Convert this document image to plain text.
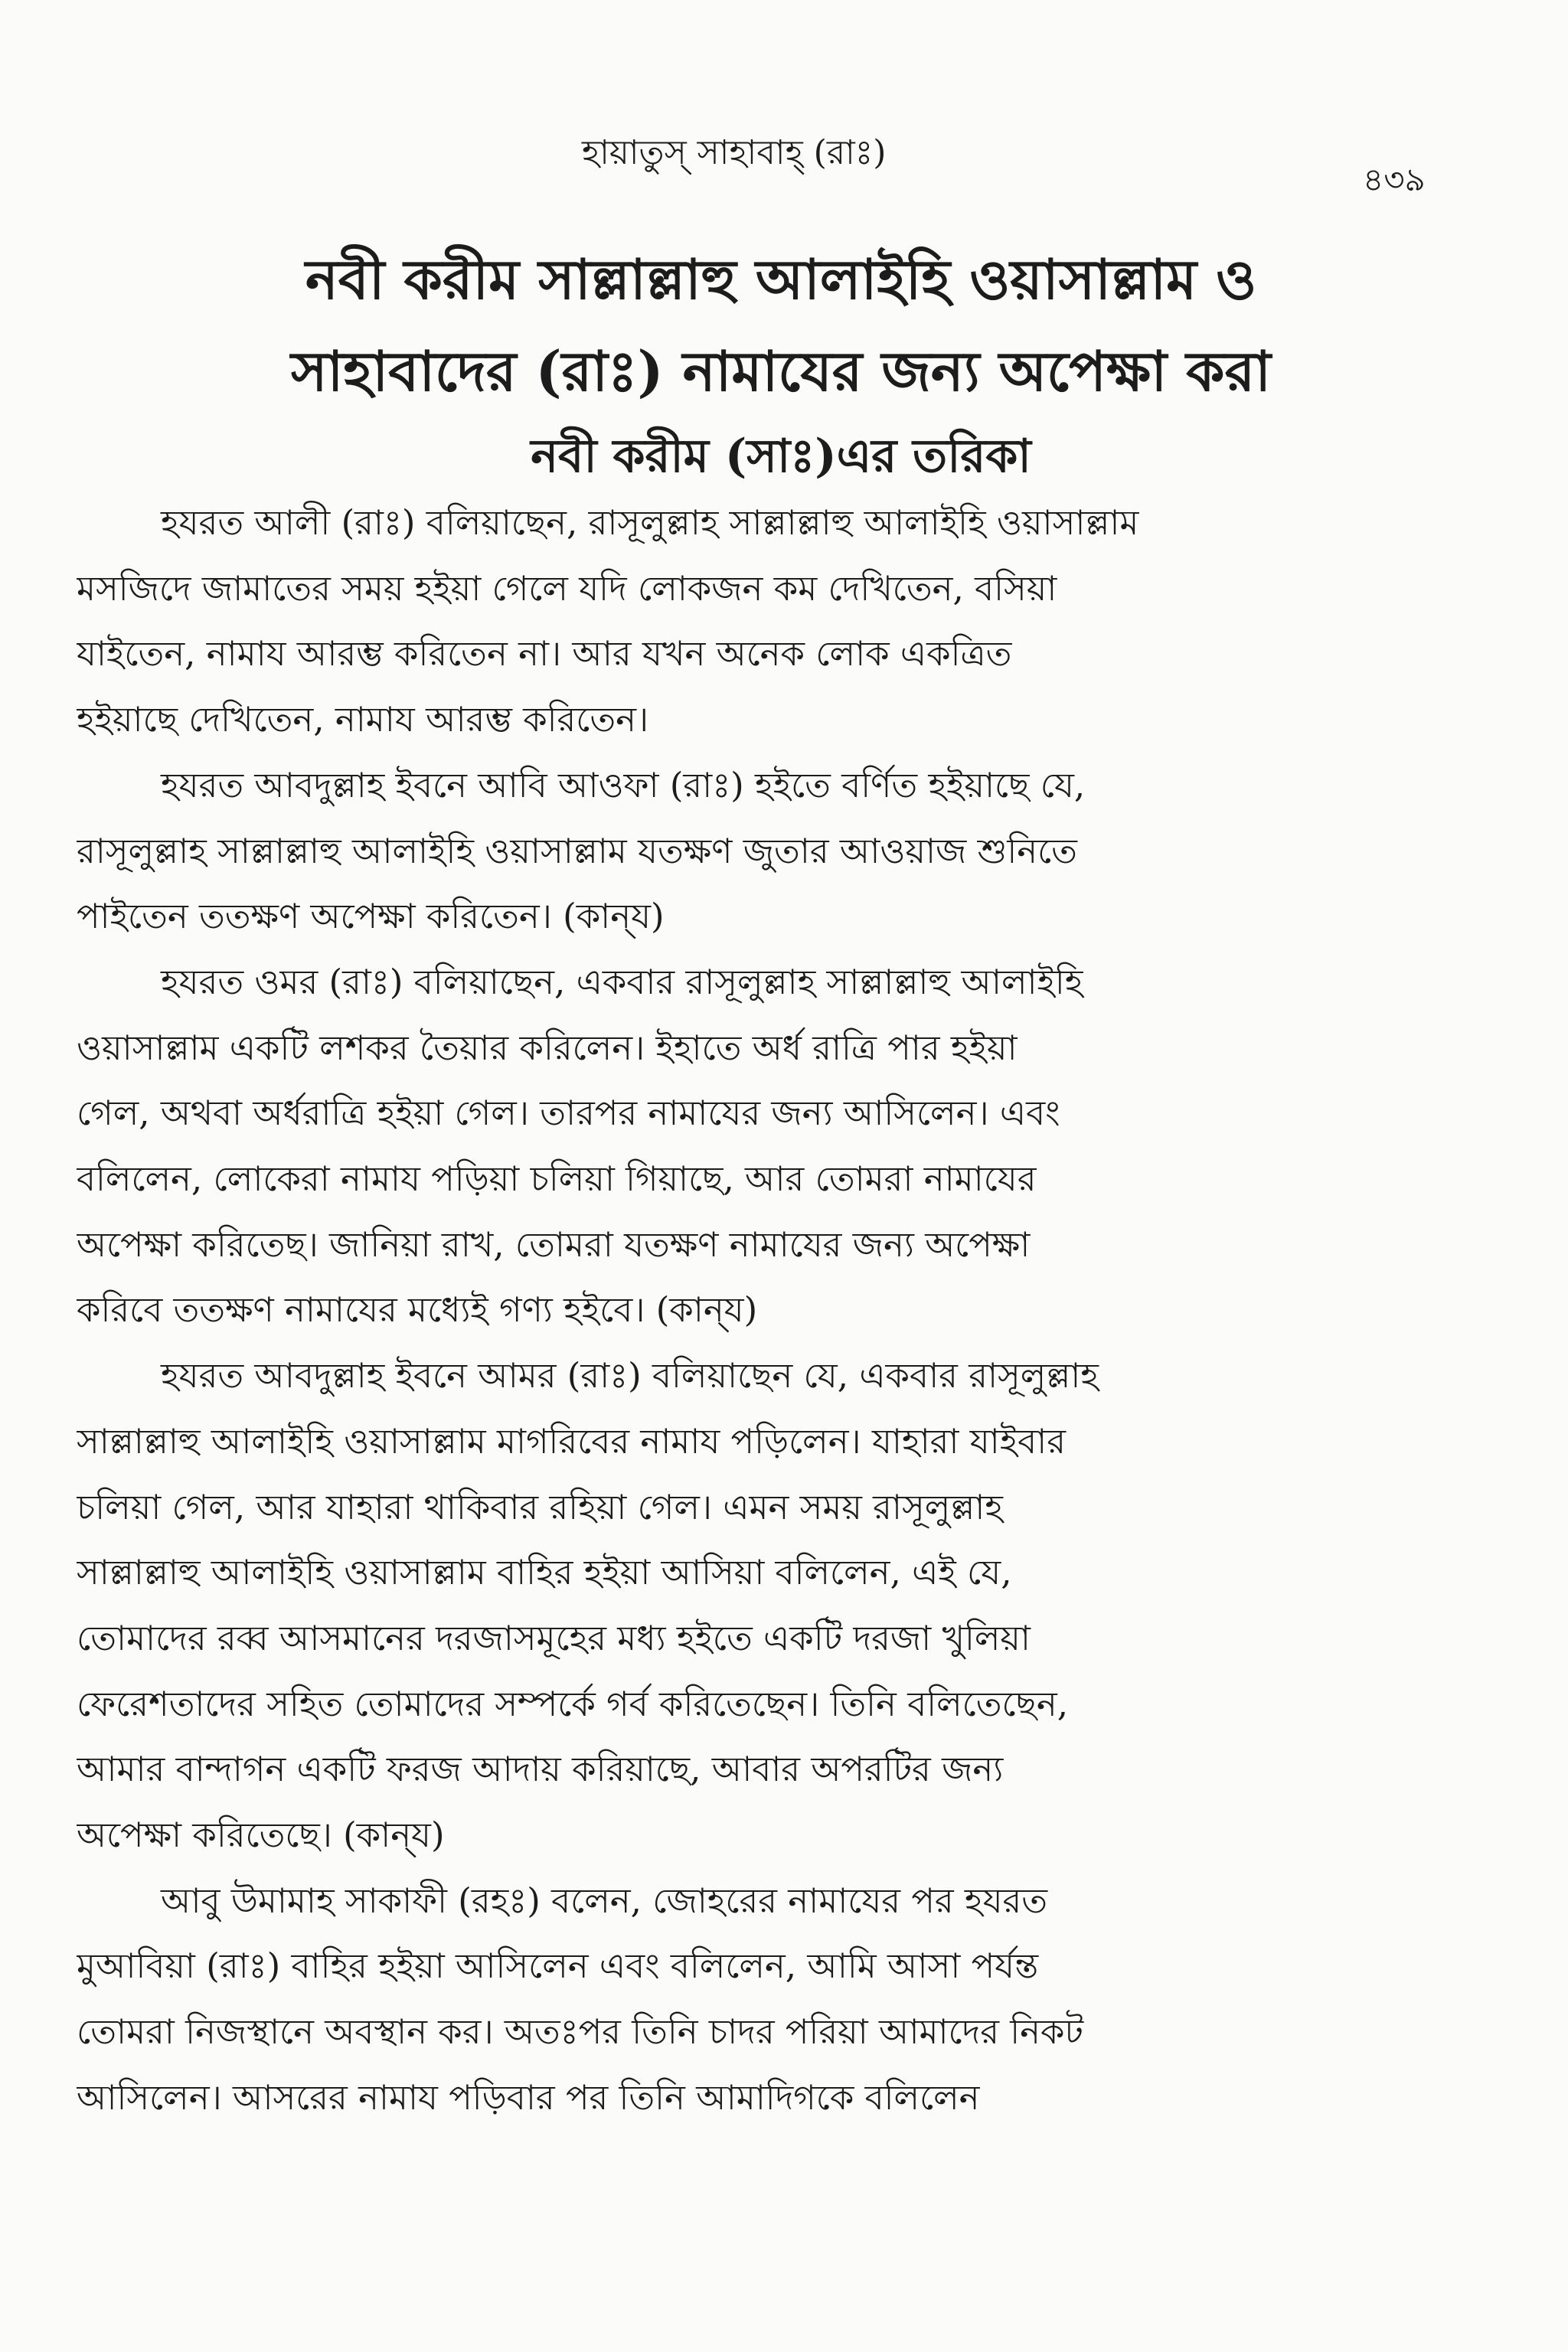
হায়াতুস্ সাহাবাহ্ (রাঃ)
৪৩৯
নবী করীম সাল্লাল্লাহু আলাইহি ওয়াসাল্লাম ও
সাহাবাদের (রাঃ) নামাযের জন্য অপেক্ষা করা
নবী করীম (সাঃ)এর তরিকা
হযরত আলী (রাঃ) বলিয়াছেন, রাসূলুল্লাহ সাল্লাল্লাহু আলাইহি ওয়াসাল্লাম
মসজিদে জামাতের সময় হইয়া গেলে যদি লোকজন কম দেখিতেন, বসিয়া
যাইতেন, নামায আরম্ভ করিতেন না। আর যখন অনেক লোক একত্রিত
হইয়াছে দেখিতেন, নামায আরম্ভ করিতেন।
হযরত আবদুল্লাহ ইবনে আবি আওফা (রাঃ) হইতে বর্ণিত হইয়াছে যে,
রাসূলুল্লাহ সাল্লাল্লাহু আলাইহি ওয়াসাল্লাম যতক্ষণ জুতার আওয়াজ শুনিতে
পাইতেন ততক্ষণ অপেক্ষা করিতেন। (কান্‌য)
হযরত ওমর (রাঃ) বলিয়াছেন, একবার রাসূলুল্লাহ সাল্লাল্লাহু আলাইহি
ওয়াসাল্লাম একটি লশকর তৈয়ার করিলেন। ইহাতে অর্ধ রাত্রি পার হইয়া
গেল, অথবা অর্ধরাত্রি হইয়া গেল। তারপর নামাযের জন্য আসিলেন। এবং
বলিলেন, লোকেরা নামায পড়িয়া চলিয়া গিয়াছে, আর তোমরা নামাযের
অপেক্ষা করিতেছ। জানিয়া রাখ, তোমরা যতক্ষণ নামাযের জন্য অপেক্ষা
করিবে ততক্ষণ নামাযের মধ্যেই গণ্য হইবে। (কান্‌য)
হযরত আবদুল্লাহ ইবনে আমর (রাঃ) বলিয়াছেন যে, একবার রাসূলুল্লাহ
সাল্লাল্লাহু আলাইহি ওয়াসাল্লাম মাগরিবের নামায পড়িলেন। যাহারা যাইবার
চলিয়া গেল, আর যাহারা থাকিবার রহিয়া গেল। এমন সময় রাসূলুল্লাহ
সাল্লাল্লাহু আলাইহি ওয়াসাল্লাম বাহির হইয়া আসিয়া বলিলেন, এই যে,
তোমাদের রব্ব আসমানের দরজাসমূহের মধ্য হইতে একটি দরজা খুলিয়া
ফেরেশতাদের সহিত তোমাদের সম্পর্কে গর্ব করিতেছেন। তিনি বলিতেছেন,
আমার বান্দাগন একটি ফরজ আদায় করিয়াছে, আবার অপরটির জন্য
অপেক্ষা করিতেছে। (কান্‌য)
আবু উমামাহ সাকাফী (রহঃ) বলেন, জোহরের নামাযের পর হযরত
মুআবিয়া (রাঃ) বাহির হইয়া আসিলেন এবং বলিলেন, আমি আসা পর্যন্ত
তোমরা নিজস্থানে অবস্থান কর। অতঃপর তিনি চাদর পরিয়া আমাদের নিকট
আসিলেন। আসরের নামায পড়িবার পর তিনি আমাদিগকে বলিলেন
